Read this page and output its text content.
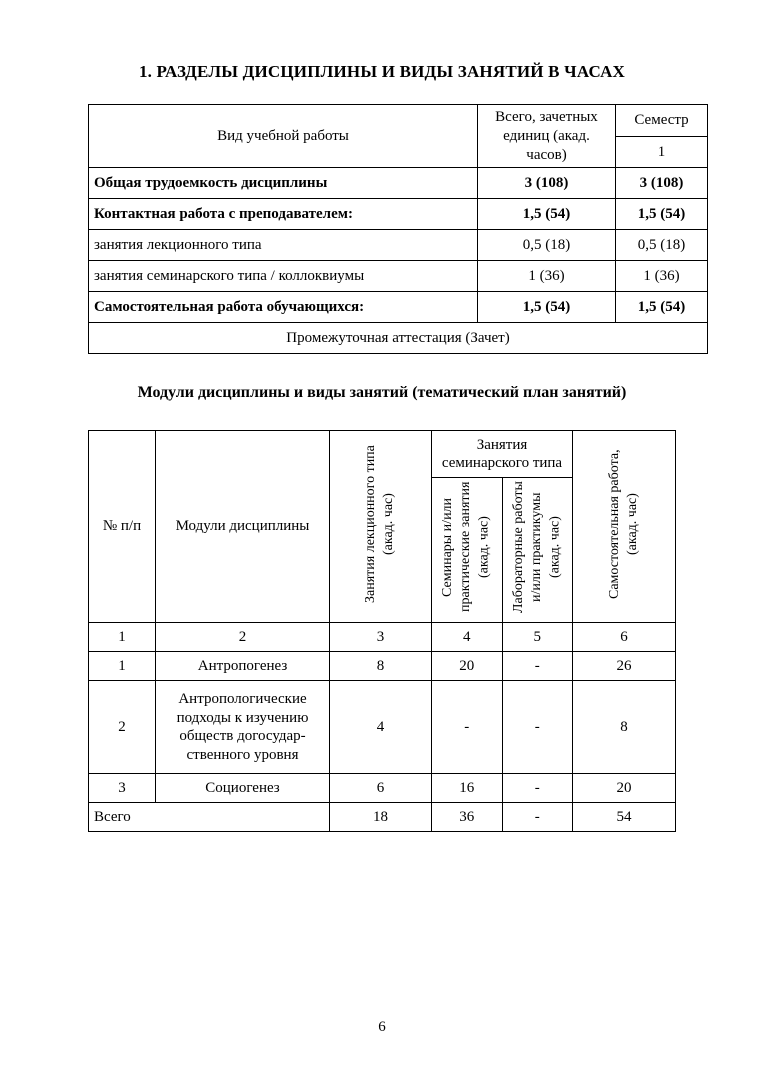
1. РАЗДЕЛЫ ДИСЦИПЛИНЫ И ВИДЫ ЗАНЯТИЙ В ЧАСАХ
Вид учебной работы	Всего, зачетных единиц (акад. часов)	Семестр
		1
Общая трудоемкость дисциплины	3 (108)	3 (108)
Контактная работа с преподавателем:	1,5 (54)	1,5 (54)
занятия лекционного типа	0,5 (18)	0,5 (18)
занятия семинарского типа / коллоквиумы	1 (36)	1 (36)
Самостоятельная работа обучающихся:	1,5 (54)	1,5 (54)
Промежуточная аттестация (Зачет)		
Модули дисциплины и виды занятий (тематический план занятий)
№ п/п	Модули дисциплины	Занятия лекционного типа (акад. час)	Занятия семинарского типа		Самостоятельная работа, (акад. час)
			Семинары и/или практические занятия (акад. час)	Лабораторные работы и/или практикумы (акад. час)	
1	2	3	4	5	6
1	Антропогенез	8	20	-	26
2	Антропологические подходы к изучению обществ догосудар-ственного уровня	4	-	-	8
3	Социогенез	6	16	-	20
Всего		18	36	-	54
6
